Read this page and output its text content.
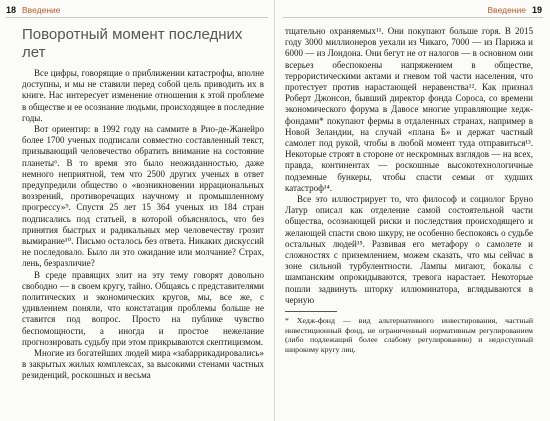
18 Введение
Поворотный момент последних лет

Все цифры, говорящие о приближении катастрофы, вполне доступны, и мы не ставили перед собой цель приводить их в книге. Нас интересует изменение отношения к этой проблеме в обществе и ее осознание людьми, происходящее в последние годы.

Вот ориентир: в 1992 году на саммите в Рио-де-Жанейро более 1700 ученых подписали совместно составленный текст, призывающий человечество обратить внимание на состояние планеты⁶. В то время это было неожиданностью, даже немного неприятной, тем что 2500 других ученых в ответ предупредили общество о «возникновении иррациональных воззрений, противоречащих научному и промышленному прогрессу»⁹. Спустя 25 лет 15 364 ученых из 184 стран подписались под статьей, в которой объяснялось, что без принятия быстрых и радикальных мер человечеству грозит вымирание¹⁰. Письмо осталось без ответа. Никаких дискуссий не последовало. Было ли это ожидание или молчание? Страх, лень, безразличие?

В среде правящих элит на эту тему говорят довольно свободно — в своем кругу, тайно. Общаясь с представителями политических и экономических кругов, мы, все же, с удивлением поняли, что констатация проблемы больше не ставится под вопрос. Просто на публике чувство беспомощности, а иногда и простое нежелание прогнозировать судьбу при этом прикрываются скептицизмом.

Многие из богатейших людей мира «забаррикадировались» в закрытых жилых комплексах, за высокими стенами частных резиденций, роскошных и весьма

Введение 19

тщательно охраняемых¹¹. Они покупают больше горя. В 2015 году 3000 миллионеров уехали из Чикаго, 7000 — из Парижа и 6000 — из Лондона. Они бегут не от налогов — в основном они всерьез обеспокоены напряжением в обществе, террористическими актами и гневом той части населения, что протестует против нарастающей неравенства¹². Как признал Роберт Джонсон, бывший директор фонда Сороса, со времени экономического форума в Давосе многие управляющие хедж-фондами* покупают фермы в отдаленных странах, например в Новой Зеландии, на случай «плана Б» и держат частный самолет под рукой, чтобы в любой момент туда отправиться¹³. Некоторые строят в стороне от нескромных взглядов — на всех, правда, континентах — роскошные высокотехнологичные подземные бункеры, чтобы спасти семьи от худших катастроф¹⁴.

Все это иллюстрирует то, что философ и социолог Бруно Латур описал как отделение самой состоятельной части общества, осознающей риски и последствия происходящего и желающей спасти свою шкуру, не особенно беспокоясь о судьбе остальных людей¹⁵. Развивая его метафору о самолете и сложностях с приземлением, можем сказать, что мы сейчас в зоне сильной турбулентности. Лампы мигают, бокалы с шампанским опрокидываются, тревога нарастает. Некоторые пошли задвинуть шторку иллюминатора, вглядываются в черную

* Хедж-фонд — вид альтернативного инвестирования, частный инвестиционный фонд, не ограниченный нормативным регулированием (либо подлежащий более слабому регулированию) и недоступный широкому кругу лиц.
